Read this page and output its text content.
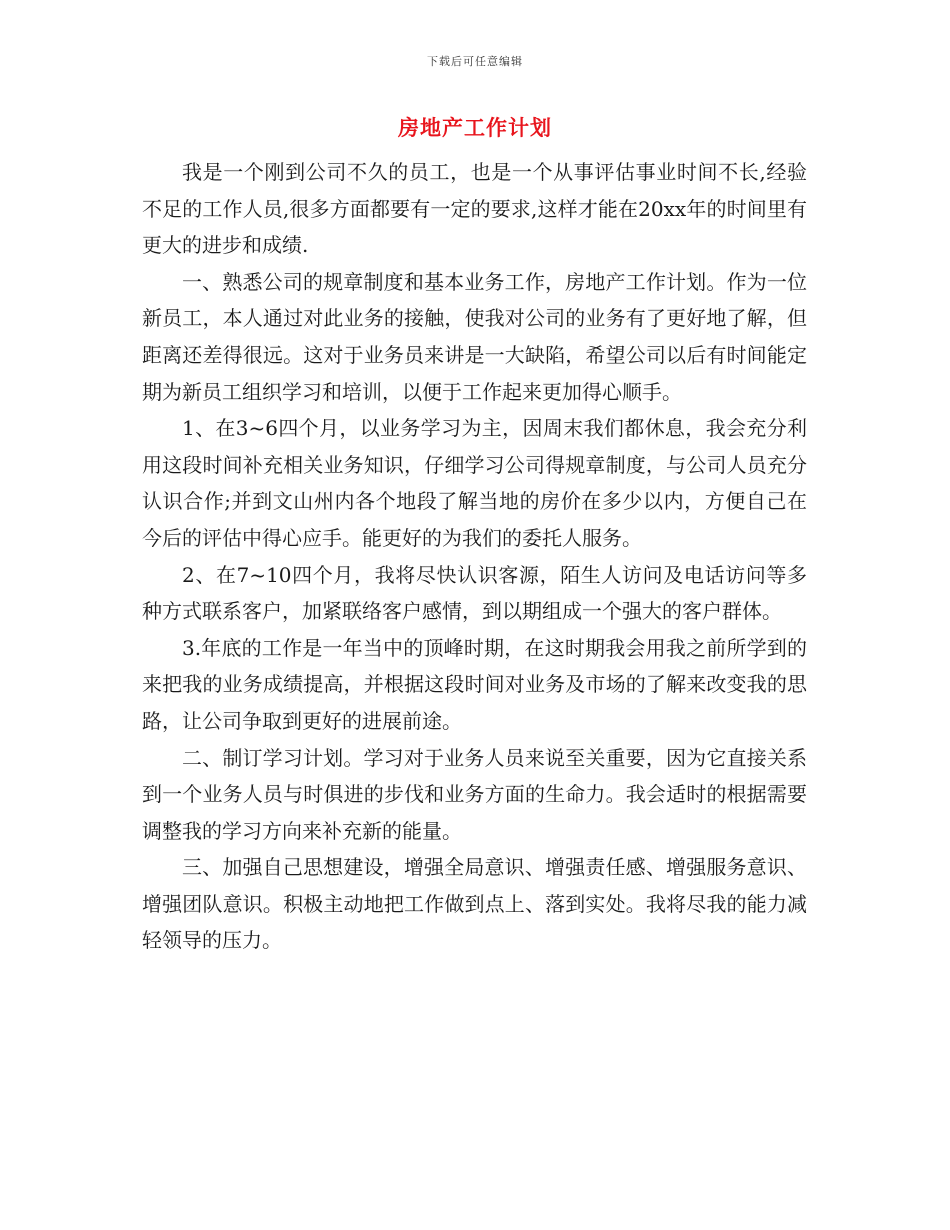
下载后可任意编辑
房地产工作计划

我是一个刚到公司不久的员工，也是一个从事评估事业时间不长,经验不足的工作人员,很多方面都要有一定的要求,这样才能在20xx年的时间里有更大的进步和成绩.

一、熟悉公司的规章制度和基本业务工作，房地产工作计划。作为一位新员工，本人通过对此业务的接触，使我对公司的业务有了更好地了解，但距离还差得很远。这对于业务员来讲是一大缺陷，希望公司以后有时间能定期为新员工组织学习和培训，以便于工作起来更加得心顺手。

1、在3~6四个月，以业务学习为主，因周末我们都休息，我会充分利用这段时间补充相关业务知识，仔细学习公司得规章制度，与公司人员充分认识合作;并到文山州内各个地段了解当地的房价在多少以内，方便自己在今后的评估中得心应手。能更好的为我们的委托人服务。

2、在7~10四个月，我将尽快认识客源，陌生人访问及电话访问等多种方式联系客户，加紧联络客户感情，到以期组成一个强大的客户群体。

3.年底的工作是一年当中的顶峰时期，在这时期我会用我之前所学到的来把我的业务成绩提高，并根据这段时间对业务及市场的了解来改变我的思路，让公司争取到更好的进展前途。

二、制订学习计划。学习对于业务人员来说至关重要，因为它直接关系到一个业务人员与时俱进的步伐和业务方面的生命力。我会适时的根据需要调整我的学习方向来补充新的能量。

三、加强自己思想建设，增强全局意识、增强责任感、增强服务意识、增强团队意识。积极主动地把工作做到点上、落到实处。我将尽我的能力减轻领导的压力。
